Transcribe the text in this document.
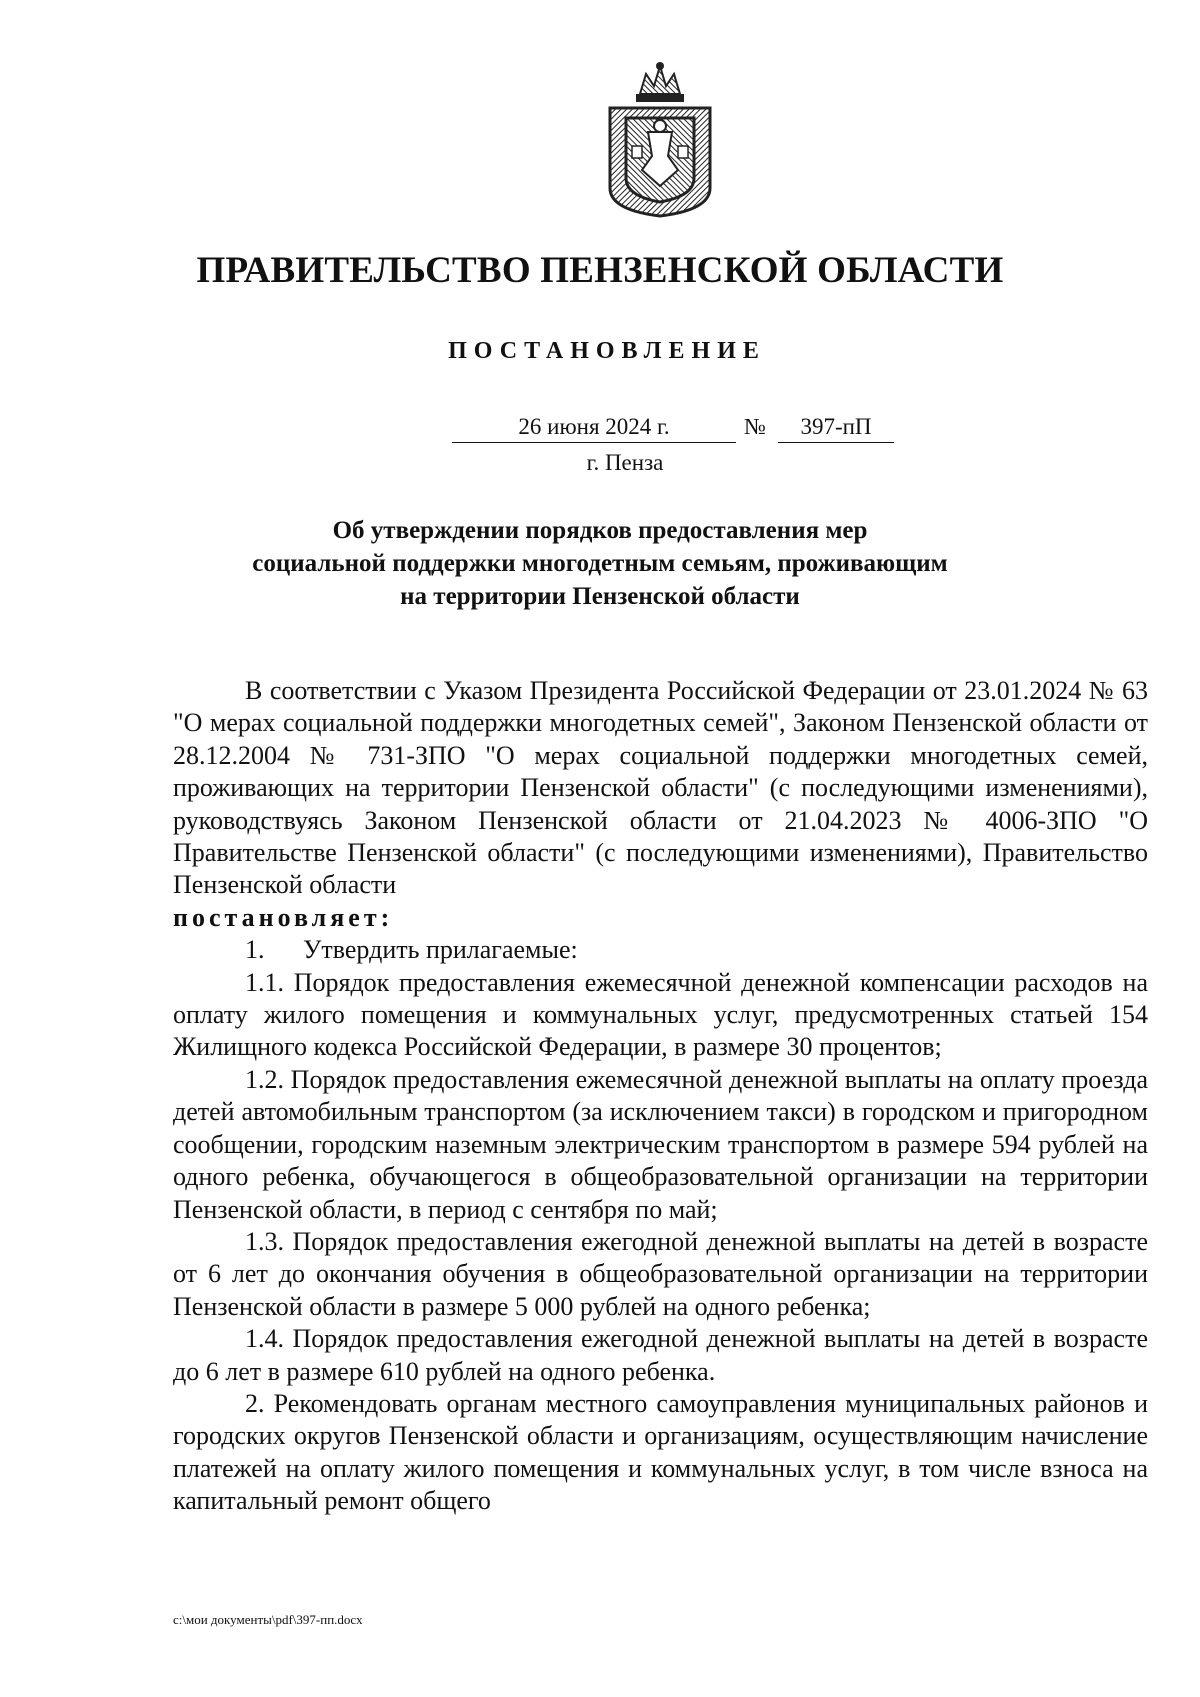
ПРАВИТЕЛЬСТВО ПЕНЗЕНСКОЙ ОБЛАСТИ
ПОСТАНОВЛЕНИЕ
26 июня 2024 г.	№	397-пП
г. Пенза
Об утверждении порядков предоставления мер
социальной поддержки многодетным семьям, проживающим
на территории Пензенской области

В соответствии с Указом Президента Российской Федерации от 23.01.2024 № 63 "О мерах социальной поддержки многодетных семей", Законом Пензенской области от 28.12.2004 № 731-ЗПО "О мерах социальной поддержки многодетных семей, проживающих на территории Пензенской области" (с последующими изменениями), руководствуясь Законом Пензенской области от 21.04.2023 № 4006-ЗПО "О Правительстве Пензенской области" (с последующими изменениями), Правительство Пензенской области

постановляет:

1. Утвердить прилагаемые:

1.1. Порядок предоставления ежемесячной денежной компенсации расходов на оплату жилого помещения и коммунальных услуг, предусмотренных статьей 154 Жилищного кодекса Российской Федерации, в размере 30 процентов;

1.2. Порядок предоставления ежемесячной денежной выплаты на оплату проезда детей автомобильным транспортом (за исключением такси) в городском и пригородном сообщении, городским наземным электрическим транспортом в размере 594 рублей на одного ребенка, обучающегося в общеобразовательной организации на территории Пензенской области, в период с сентября по май;

1.3. Порядок предоставления ежегодной денежной выплаты на детей в возрасте от 6 лет до окончания обучения в общеобразовательной организации на территории Пензенской области в размере 5 000 рублей на одного ребенка;

1.4. Порядок предоставления ежегодной денежной выплаты на детей в возрасте до 6 лет в размере 610 рублей на одного ребенка.

2. Рекомендовать органам местного самоуправления муниципальных районов и городских округов Пензенской области и организациям, осуществляющим начисление платежей на оплату жилого помещения и коммунальных услуг, в том числе взноса на капитальный ремонт общего

c:\мои документы\pdf\397-пп.docx
